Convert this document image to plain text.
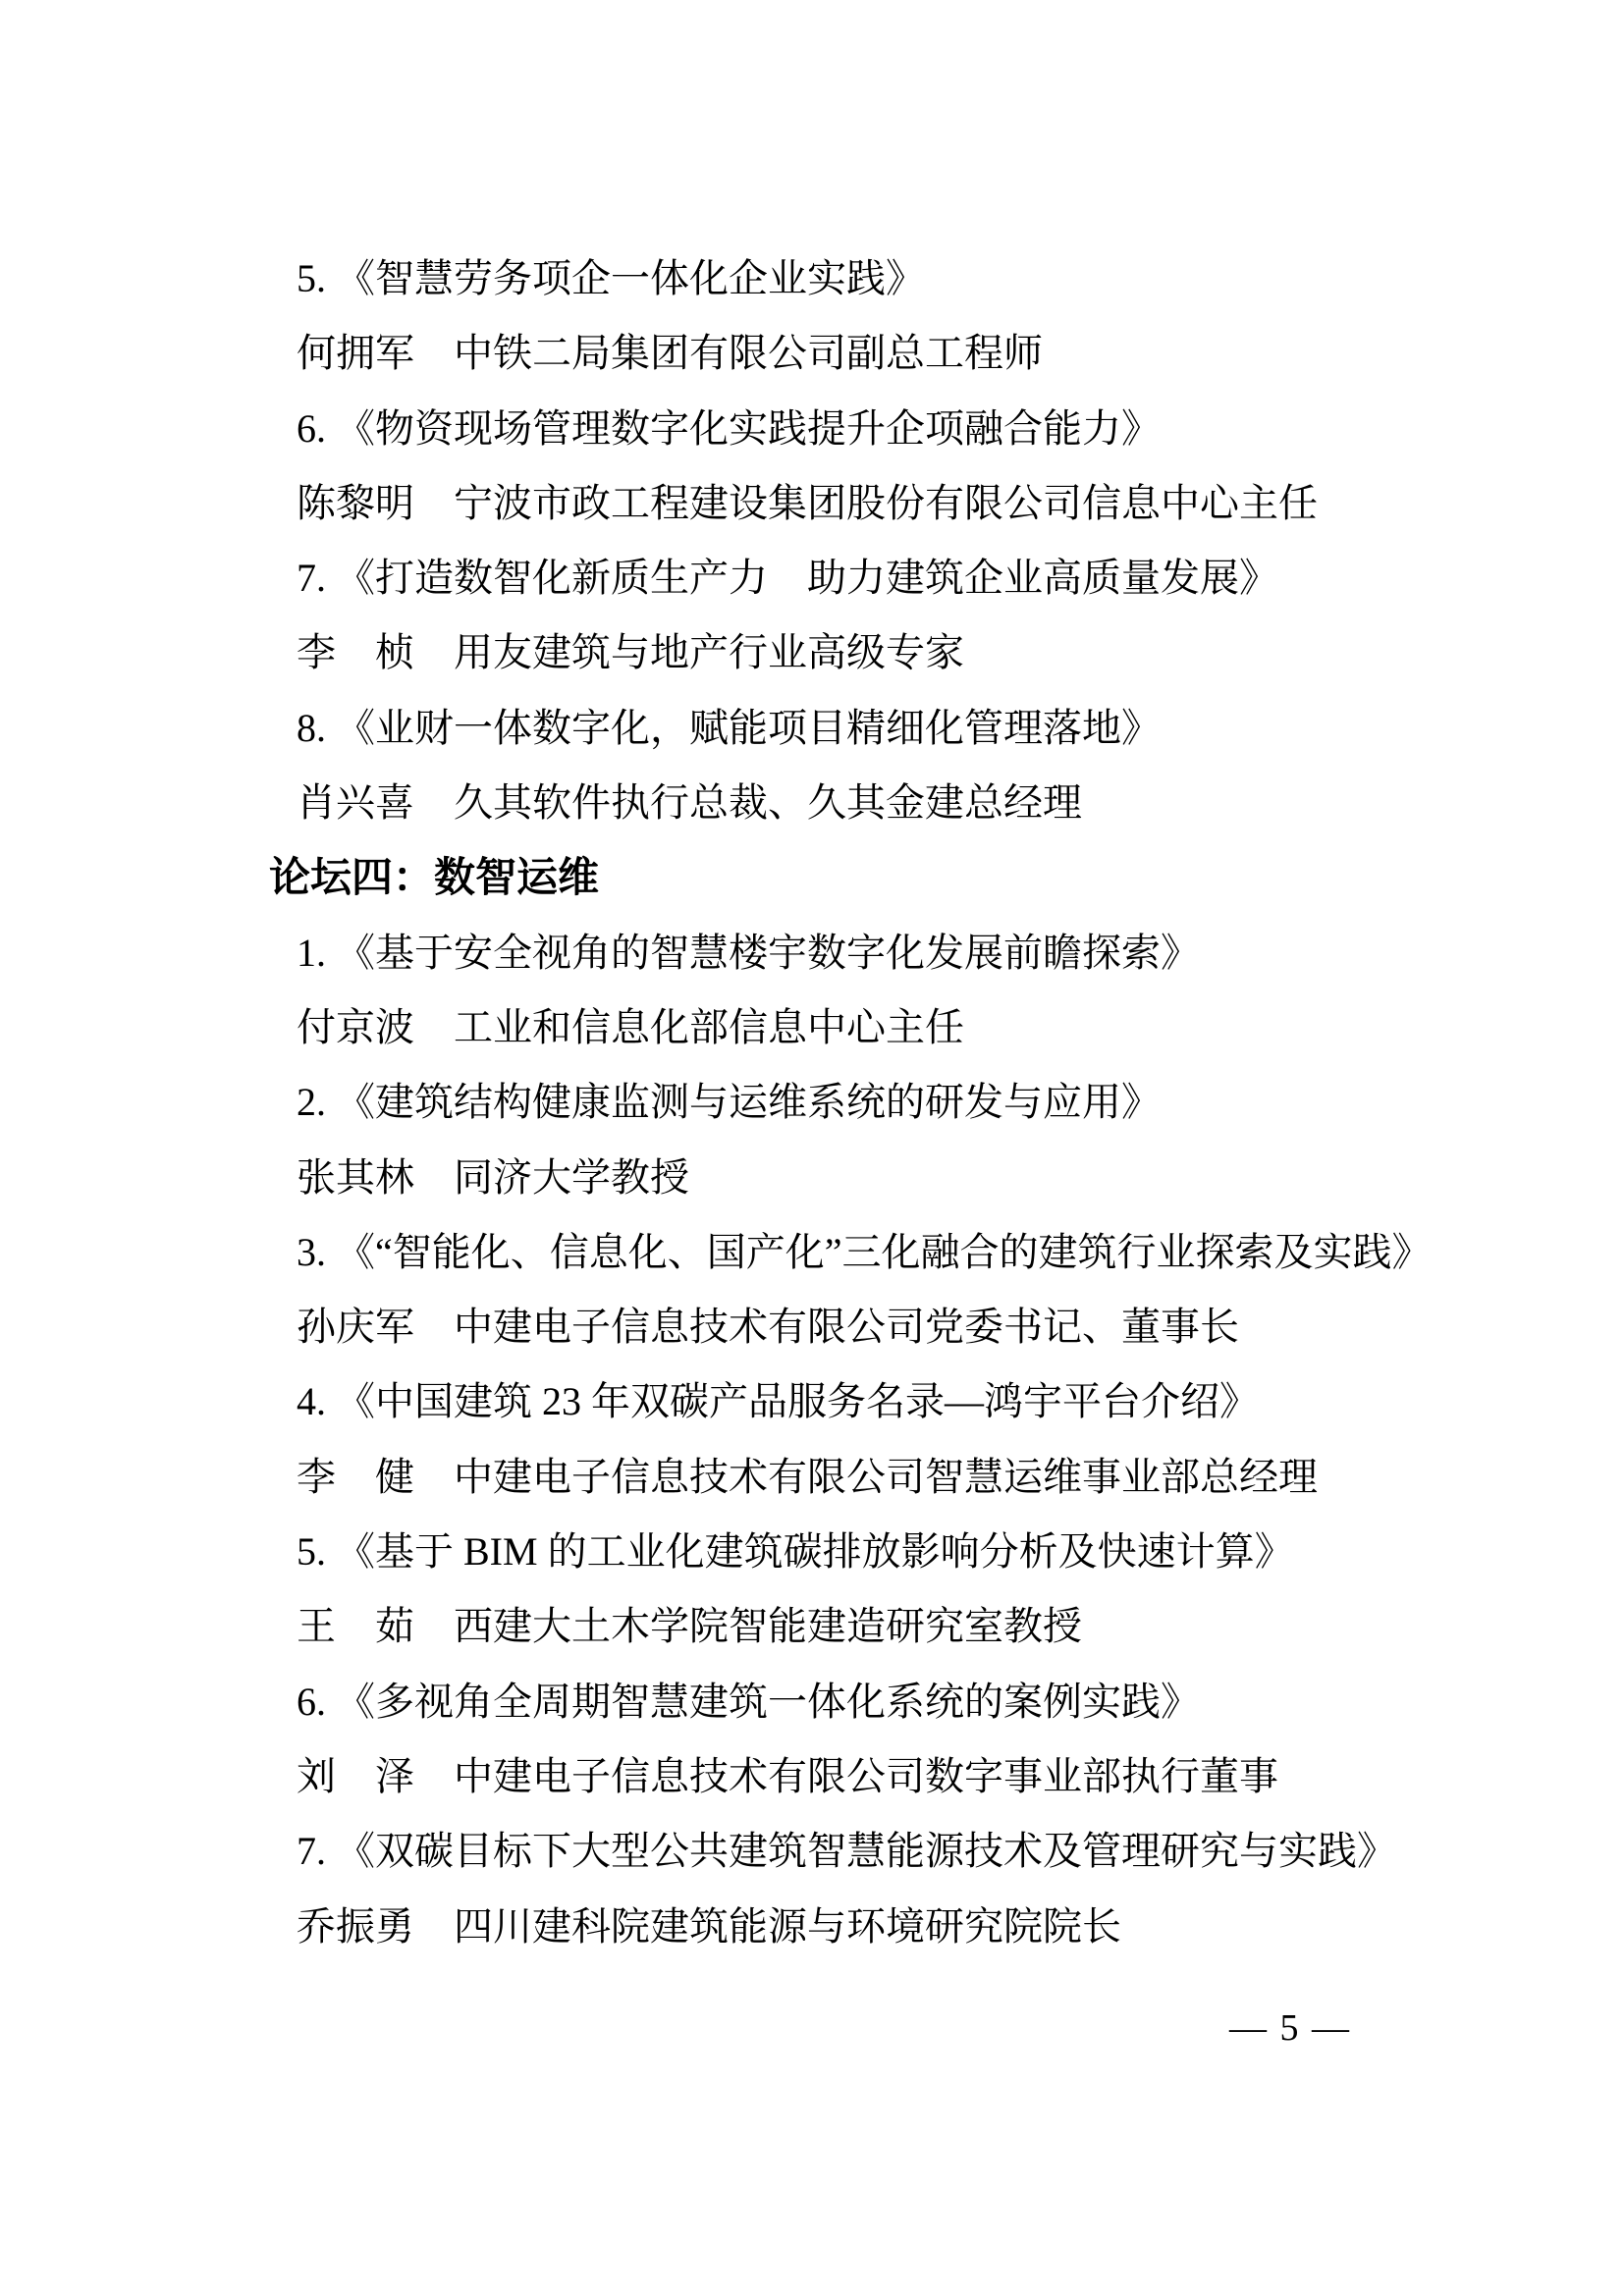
5. 《智慧劳务项企一体化企业实践》
何拥军　中铁二局集团有限公司副总工程师
6. 《物资现场管理数字化实践提升企项融合能力》
陈黎明　宁波市政工程建设集团股份有限公司信息中心主任
7. 《打造数智化新质生产力　助力建筑企业高质量发展》
李　桢　用友建筑与地产行业高级专家
8. 《业财一体数字化，赋能项目精细化管理落地》
肖兴喜　久其软件执行总裁、久其金建总经理
论坛四：数智运维
1. 《基于安全视角的智慧楼宇数字化发展前瞻探索》
付京波　工业和信息化部信息中心主任
2. 《建筑结构健康监测与运维系统的研发与应用》
张其林　同济大学教授
3. 《“智能化、信息化、国产化”三化融合的建筑行业探索及实践》
孙庆军　中建电子信息技术有限公司党委书记、董事长
4. 《中国建筑 23 年双碳产品服务名录—鸿宇平台介绍》
李　健　中建电子信息技术有限公司智慧运维事业部总经理
5. 《基于 BIM 的工业化建筑碳排放影响分析及快速计算》
王　茹　西建大土木学院智能建造研究室教授
6. 《多视角全周期智慧建筑一体化系统的案例实践》
刘　泽　中建电子信息技术有限公司数字事业部执行董事
7. 《双碳目标下大型公共建筑智慧能源技术及管理研究与实践》
乔振勇　四川建科院建筑能源与环境研究院院长
— 5 —
